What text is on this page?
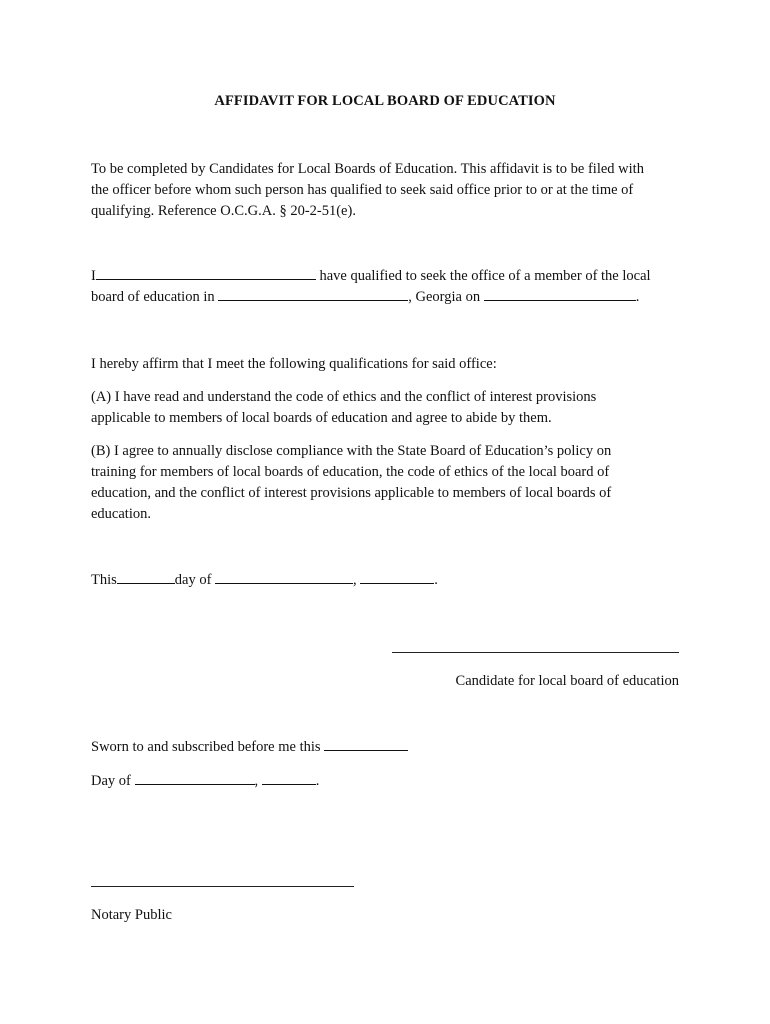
AFFIDAVIT FOR LOCAL BOARD OF EDUCATION

To be completed by Candidates for Local Boards of Education. This affidavit is to be filed with
the officer before whom such person has qualified to seek said office prior to or at the time of
qualifying. Reference O.C.G.A. § 20-2-51(e).

I	have qualified to seek the office of a member of the local
board of education in	, Georgia on	.

I hereby affirm that I meet the following qualifications for said office:

(A) I have read and understand the code of ethics and the conflict of interest provisions
applicable to members of local boards of education and agree to abide by them.

(B) I agree to annually disclose compliance with the State Board of Education’s policy on
training for members of local boards of education, the code of ethics of the local board of
education, and the conflict of interest provisions applicable to members of local boards of
education.

This	day of	,	.

Candidate for local board of education

Sworn to and subscribed before me this

Day of	,	.

Notary Public
